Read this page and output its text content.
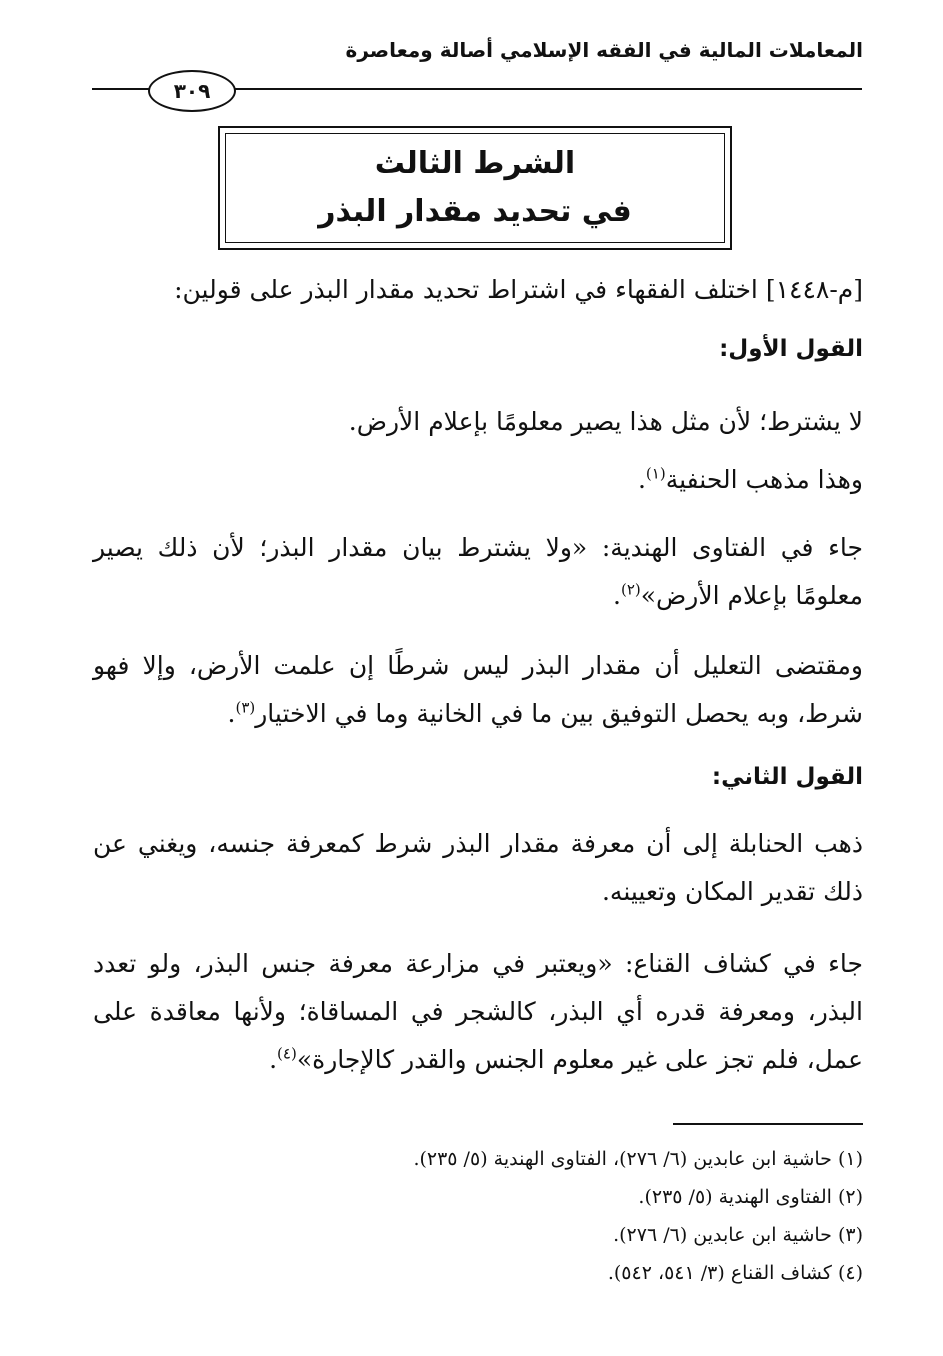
المعاملات المالية في الفقه الإسلامي أصالة ومعاصرة
٣٠٩
الشرط الثالث
في تحديد مقدار البذر
[م-١٤٤٨] اختلف الفقهاء في اشتراط تحديد مقدار البذر على قولين:
القول الأول:
لا يشترط؛ لأن مثل هذا يصير معلومًا بإعلام الأرض.
وهذا مذهب الحنفية$^{(١)}$.
جاء في الفتاوى الهندية: «ولا يشترط بيان مقدار البذر؛ لأن ذلك يصير معلومًا بإعلام الأرض»$^{(٢)}$.
ومقتضى التعليل أن مقدار البذر ليس شرطًا إن علمت الأرض، وإلا فهو شرط، وبه يحصل التوفيق بين ما في الخانية وما في الاختيار$^{(٣)}$.
القول الثاني:
ذهب الحنابلة إلى أن معرفة مقدار البذر شرط كمعرفة جنسه، ويغني عن ذلك تقدير المكان وتعيينه.
جاء في كشاف القناع: «ويعتبر في مزارعة معرفة جنس البذر، ولو تعدد البذر، ومعرفة قدره أي البذر، كالشجر في المساقاة؛ ولأنها معاقدة على عمل، فلم تجز على غير معلوم الجنس والقدر كالإجارة»$^{(٤)}$.
(١) حاشية ابن عابدين (٦/ ٢٧٦)، الفتاوى الهندية (٥/ ٢٣٥).
(٢) الفتاوى الهندية (٥/ ٢٣٥).
(٣) حاشية ابن عابدين (٦/ ٢٧٦).
(٤) كشاف القناع (٣/ ٥٤١، ٥٤٢).
